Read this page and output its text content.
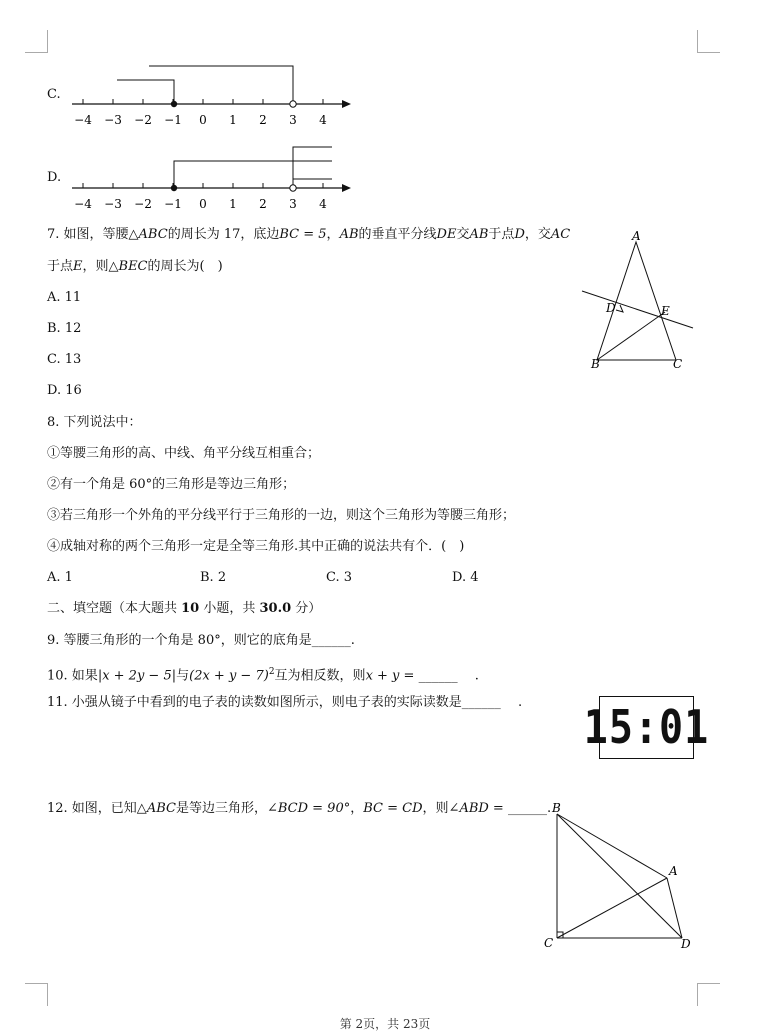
C.
−4 −3 −2 −1 0 1 2 3 4
D.
−4 −3 −2 −1 0 1 2 3 4
7. 如图，等腰△ABC的周长为 17，底边BC = 5，AB的垂直平分线DE交AB于点D，交AC
于点E，则△BEC的周长为(　)
A. 11
B. 12
C. 13
D. 16
A
D	E
B	C
8. 下列说法中：
①等腰三角形的高、中线、角平分线互相重合；
②有一个角是 60°的三角形是等边三角形；
③若三角形一个外角的平分线平行于三角形的一边，则这个三角形为等腰三角形；
④成轴对称的两个三角形一定是全等三角形.其中正确的说法共有个．(　)
A. 1	B. 2	C. 3	D. 4
二、填空题（本大题共 10 小题，共 30.0 分）
9. 等腰三角形的一个角是 80°，则它的底角是______.
10. 如果|x + 2y − 5|与$(2x + y - 7)^2$互为相反数，则x + y = ______ 　.
11. 小强从镜子中看到的电子表的读数如图所示，则电子表的实际读数是______ 　. 15:01
12. 如图，已知△ABC是等边三角形，∠BCD = 90°，BC = CD，则∠ABD = ______. B
A
C	D
第 2页，共 23页
